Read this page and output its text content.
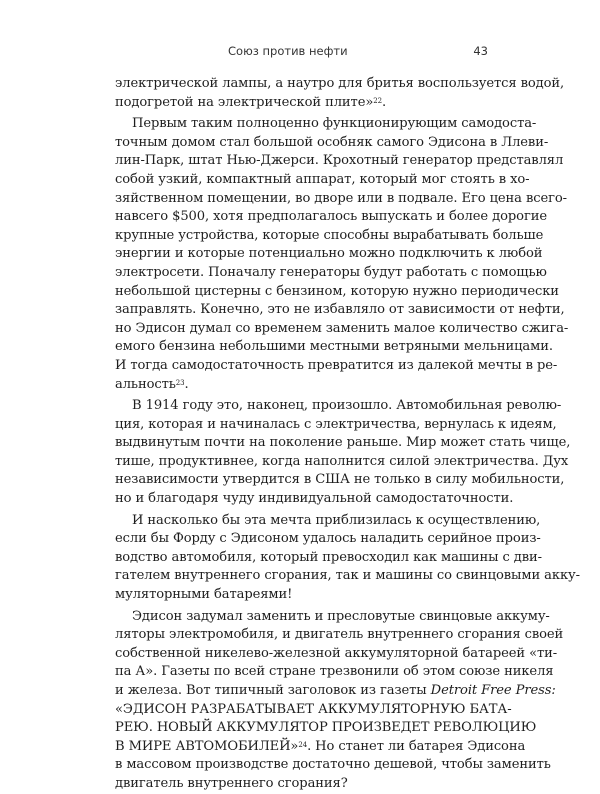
Союз против нефти	43
электрической лампы, а наутро для бритья воспользуется водой,
подогретой на электрической плите»$^{22}$.
Первым таким полноценно функционирующим самодоста-
точным домом стал большой особняк самого Эдисона в Ллеви-
лин-Парк, штат Нью-Джерси. Крохотный генератор представлял
собой узкий, компактный аппарат, который мог стоять в хо-
зяйственном помещении, во дворе или в подвале. Его цена всего-
навсего $500, хотя предполагалось выпускать и более дорогие
крупные устройства, которые способны вырабатывать больше
энергии и которые потенциально можно подключить к любой
электросети. Поначалу генераторы будут работать с помощью
небольшой цистерны с бензином, которую нужно периодически
заправлять. Конечно, это не избавляло от зависимости от нефти,
но Эдисон думал со временем заменить малое количество сжига-
емого бензина небольшими местными ветряными мельницами.
И тогда самодостаточность превратится из далекой мечты в ре-
альность$^{23}$.
В 1914 году это, наконец, произошло. Автомобильная револю-
ция, которая и начиналась с электричества, вернулась к идеям,
выдвинутым почти на поколение раньше. Мир может стать чище,
тише, продуктивнее, когда наполнится силой электричества. Дух
независимости утвердится в США не только в силу мобильности,
но и благодаря чуду индивидуальной самодостаточности.
И насколько бы эта мечта приблизилась к осуществлению,
если бы Форду с Эдисоном удалось наладить серийное произ-
водство автомобиля, который превосходил как машины с дви-
гателем внутреннего сгорания, так и машины со свинцовыми акку-
муляторными батареями!
Эдисон задумал заменить и пресловутые свинцовые аккуму-
ляторы электромобиля, и двигатель внутреннего сгорания своей
собственной никелево-железной аккумуляторной батареей «ти-
па А». Газеты по всей стране трезвонили об этом союзе никеля
и железа. Вот типичный заголовок из газеты Detroit Free Press:
«ЭДИСОН РАЗРАБАТЫВАЕТ АККУМУЛЯТОРНУЮ БАТА-
РЕЮ. НОВЫЙ АККУМУЛЯТОР ПРОИЗВЕДЕТ РЕВОЛЮЦИЮ
В МИРЕ АВТОМОБИЛЕЙ»$^{24}$. Но станет ли батарея Эдисона
в массовом производстве достаточно дешевой, чтобы заменить
двигатель внутреннего сгорания?
